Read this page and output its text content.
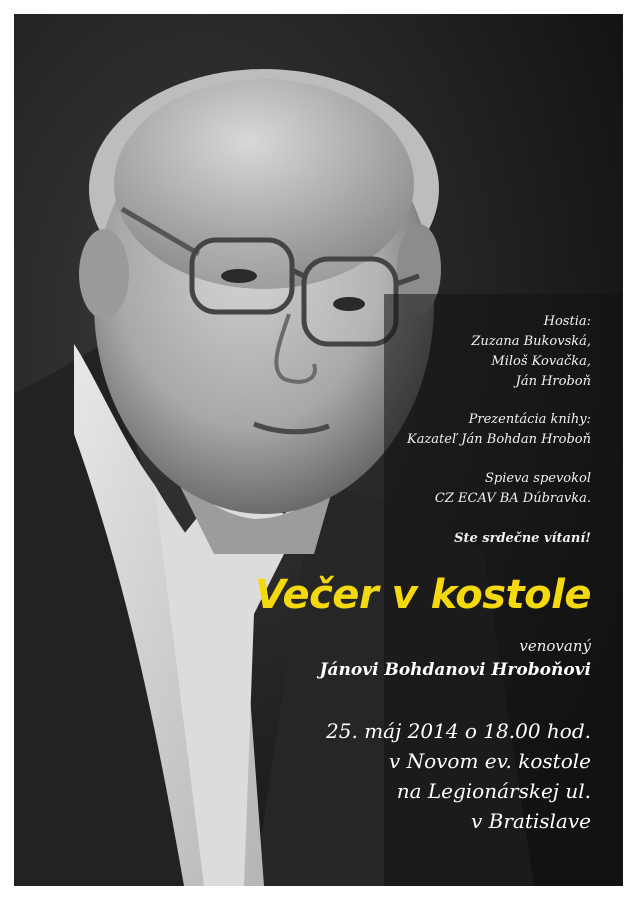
Hostia:
Zuzana Bukovská,
Miloš Kovačka,
Ján Hroboň
Prezentácia knihy:
Kazateľ Ján Bohdan Hroboň
Spieva spevokol
CZ ECAV BA Dúbravka.
Ste srdečne vítaní!
Večer v kostole
venovaný
Jánovi Bohdanovi Hroboňovi
25. máj 2014 o 18.00 hod.
v Novom ev. kostole
na Legionárskej ul.
v Bratislave
